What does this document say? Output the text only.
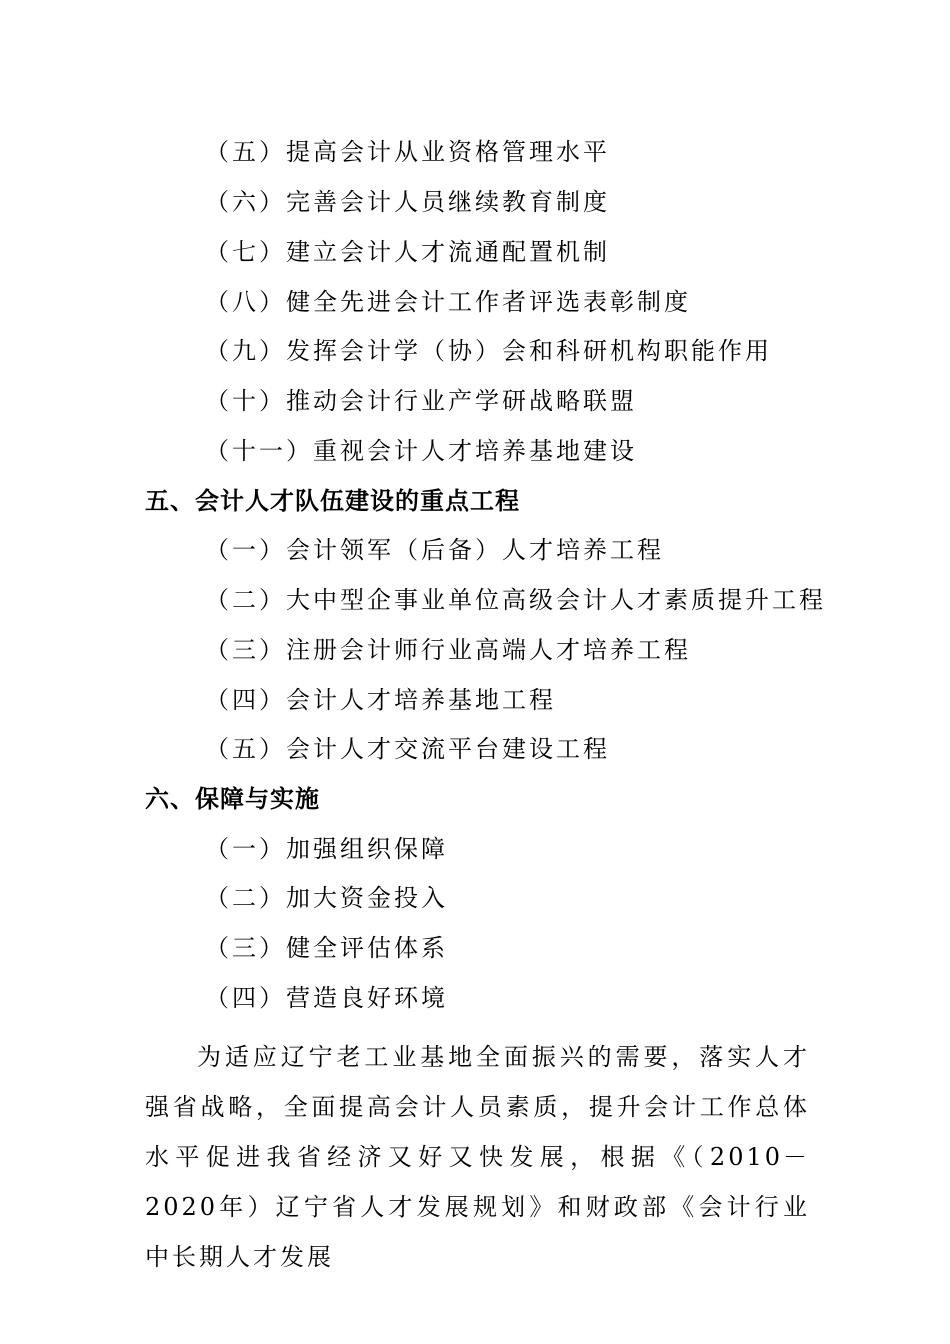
（五）提高会计从业资格管理水平
（六）完善会计人员继续教育制度
（七）建立会计人才流通配置机制
（八）健全先进会计工作者评选表彰制度
（九）发挥会计学（协）会和科研机构职能作用
（十）推动会计行业产学研战略联盟
（十一）重视会计人才培养基地建设
五、会计人才队伍建设的重点工程
（一）会计领军（后备）人才培养工程
（二）大中型企事业单位高级会计人才素质提升工程
（三）注册会计师行业高端人才培养工程
（四）会计人才培养基地工程
（五）会计人才交流平台建设工程
六、保障与实施
（一）加强组织保障
（二）加大资金投入
（三）健全评估体系
（四）营造良好环境
为适应辽宁老工业基地全面振兴的需要，落实人才强省战略，全面提高会计人员素质，提升会计工作总体水平促进我省经济又好又快发展，根据《（2010－2020年）辽宁省人才发展规划》和财政部《会计行业中长期人才发展
